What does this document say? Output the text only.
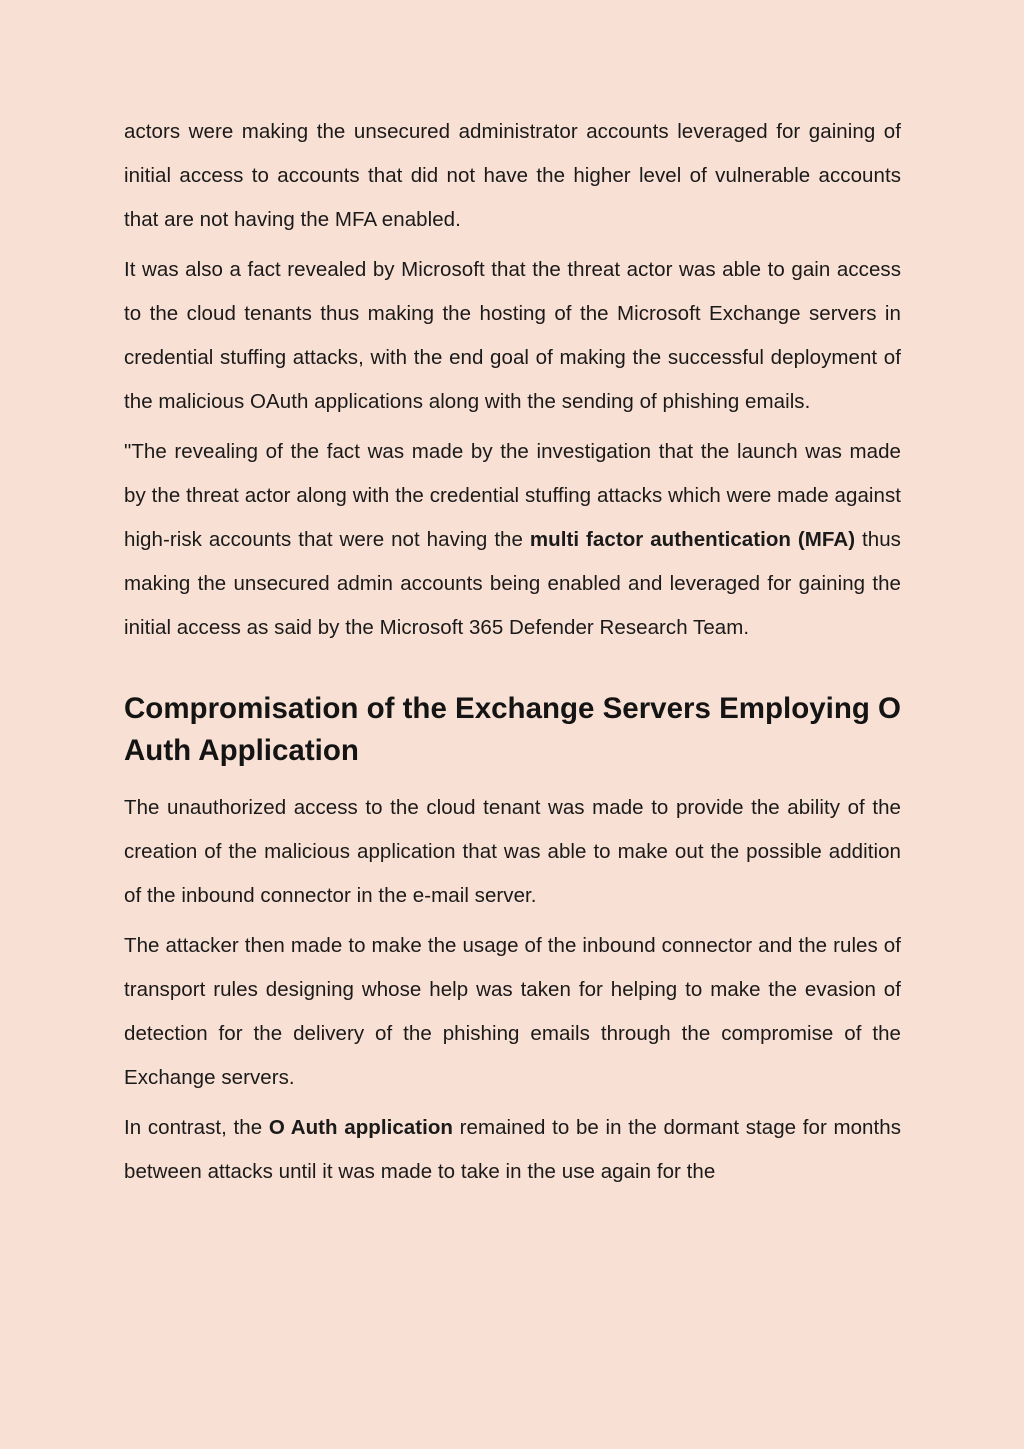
actors were making the unsecured administrator accounts leveraged for gaining of initial access to accounts that did not have the higher level of vulnerable accounts that are not having the MFA enabled.

It was also a fact revealed by Microsoft that the threat actor was able to gain access to the cloud tenants thus making the hosting of the Microsoft Exchange servers in credential stuffing attacks, with the end goal of making the successful deployment of the malicious OAuth applications along with the sending of phishing emails.

"The revealing of the fact was made by the investigation that the launch was made by the threat actor along with the credential stuffing attacks which were made against high-risk accounts that were not having the multi factor authentication (MFA) thus making the unsecured admin accounts being enabled and leveraged for gaining the initial access as said by the Microsoft 365 Defender Research Team.

Compromisation of the Exchange Servers Employing O Auth Application

The unauthorized access to the cloud tenant was made to provide the ability of the creation of the malicious application that was able to make out the possible addition of the inbound connector in the e-mail server.

The attacker then made to make the usage of the inbound connector and the rules of transport rules designing whose help was taken for helping to make the evasion of detection for the delivery of the phishing emails through the compromise of the Exchange servers.

In contrast, the O Auth application remained to be in the dormant stage for months between attacks until it was made to take in the use again for the
